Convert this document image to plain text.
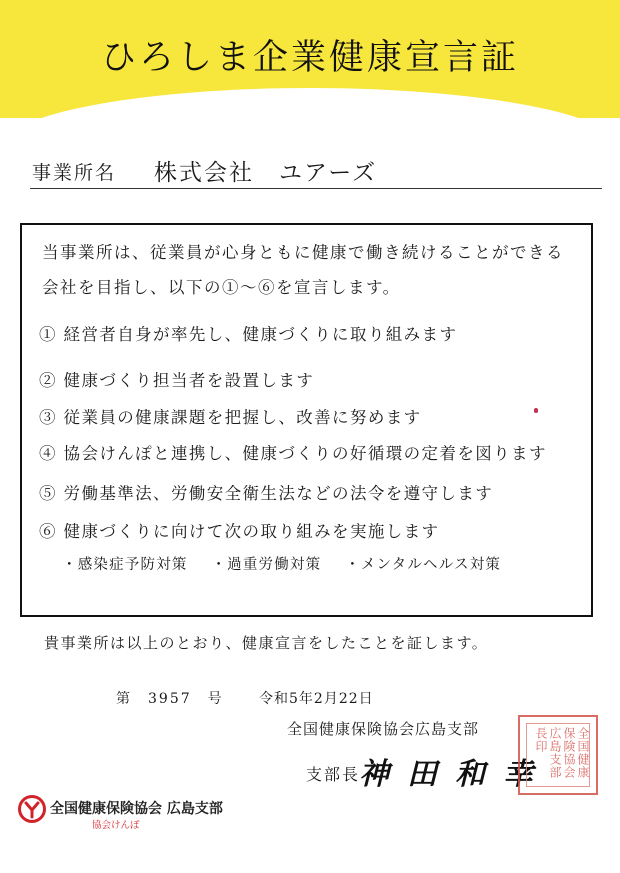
ひろしま企業健康宣言証
事業所名 株式会社　ユアーズ
当事業所は、従業員が心身ともに健康で働き続けることができる会社を目指し、以下の①～⑥を宣言します。
① 経営者自身が率先し、健康づくりに取り組みます
② 健康づくり担当者を設置します
③ 従業員の健康課題を把握し、改善に努めます
④ 協会けんぽと連携し、健康づくりの好循環の定着を図ります
⑤ 労働基準法、労働安全衛生法などの法令を遵守します
⑥ 健康づくりに向けて次の取り組みを実施します
・感染症予防対策 ・過重労働対策 ・メンタルヘルス対策
貴事業所は以上のとおり、健康宣言をしたことを証します。
第　3957　号	令和5年2月22日
全国健康保険協会広島支部
支部長
神田和幸	全国健康保険協会広島支部長印
全国健康保険協会 広島支部
協会けんぽ
